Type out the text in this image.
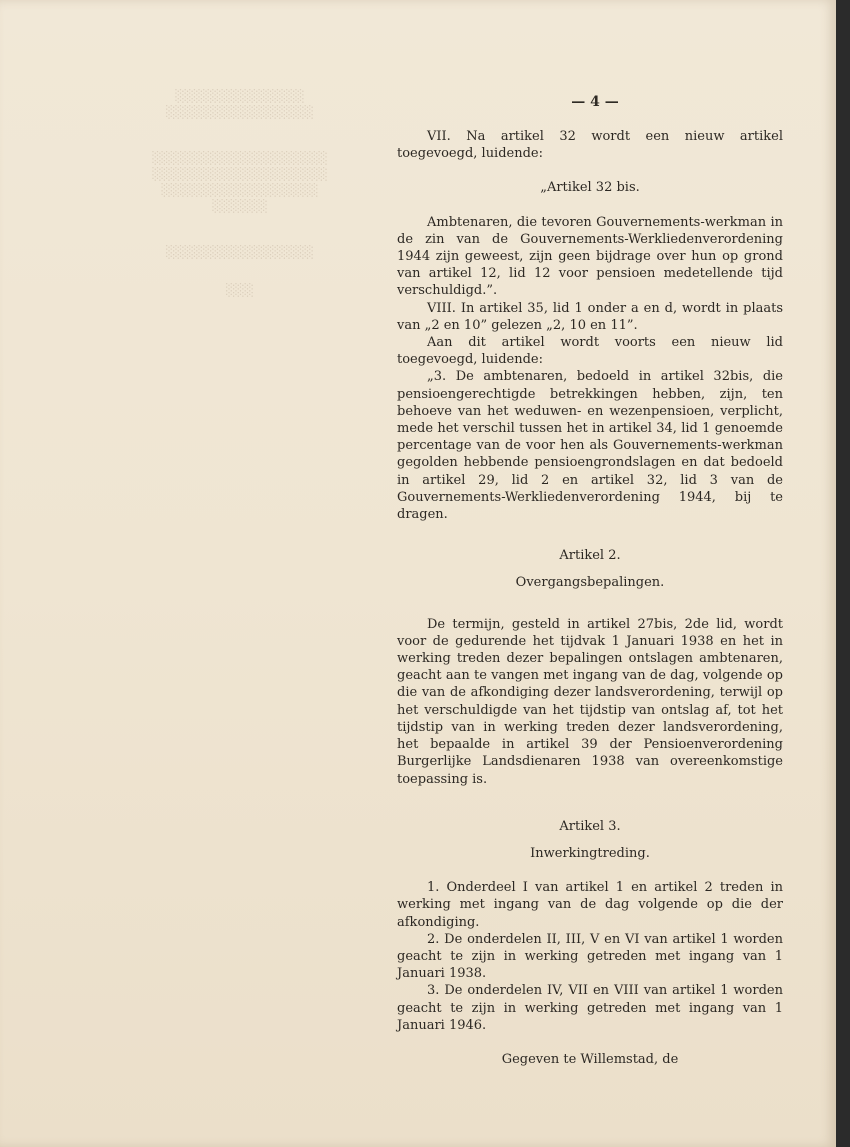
░░░░░░░░░░░░░░
░░░░░░░░░░░░░░░░
░░░░░░░░░░░░░░░░░░░
░░░░░░░░░░░░░░░░░░░
░░░░░░░░░░░░░░░░░
░░░░░░
░░░░░░░░░░░░░░░░
░░░
— 4 —

VII. Na artikel 32 wordt een nieuw artikel toegevoegd, luidende:

„Artikel 32 bis.

Ambtenaren, die tevoren Gouvernements-werkman in de zin van de Gouvernements-Werkliedenverordening 1944 zijn geweest, zijn geen bijdrage over hun op grond van artikel 12, lid 12 voor pensioen medetellende tijd verschuldigd.”.

VIII. In artikel 35, lid 1 onder a en d, wordt in plaats van „2 en 10” gelezen „2, 10 en 11”.

Aan dit artikel wordt voorts een nieuw lid toegevoegd, luidende:

„3. De ambtenaren, bedoeld in artikel 32bis, die pensioengerechtigde betrekkingen hebben, zijn, ten behoeve van het weduwen- en wezenpensioen, verplicht, mede het verschil tussen het in artikel 34, lid 1 genoemde percentage van de voor hen als Gouvernements-werkman gegolden hebbende pensioengrondslagen en dat bedoeld in artikel 29, lid 2 en artikel 32, lid 3 van de Gouvernements-Werkliedenverordening 1944, bij te dragen.

Artikel 2.

Overgangsbepalingen.

De termijn, gesteld in artikel 27bis, 2de lid, wordt voor de gedurende het tijdvak 1 Januari 1938 en het in werking treden dezer bepalingen ontslagen ambtenaren, geacht aan te vangen met ingang van de dag, volgende op die van de afkondiging dezer landsverordening, terwijl op het verschuldigde van het tijdstip van ontslag af, tot het tijdstip van in werking treden dezer landsverordening, het bepaalde in artikel 39 der Pensioenverordening Burgerlijke Landsdienaren 1938 van overeenkomstige toepassing is.

Artikel 3.

Inwerkingtreding.

1. Onderdeel I van artikel 1 en artikel 2 treden in werking met ingang van de dag volgende op die der afkondiging.

2. De onderdelen II, III, V en VI van artikel 1 worden geacht te zijn in werking getreden met ingang van 1 Januari 1938.

3. De onderdelen IV, VII en VIII van artikel 1 worden geacht te zijn in werking getreden met ingang van 1 Januari 1946.

Gegeven te Willemstad, de
